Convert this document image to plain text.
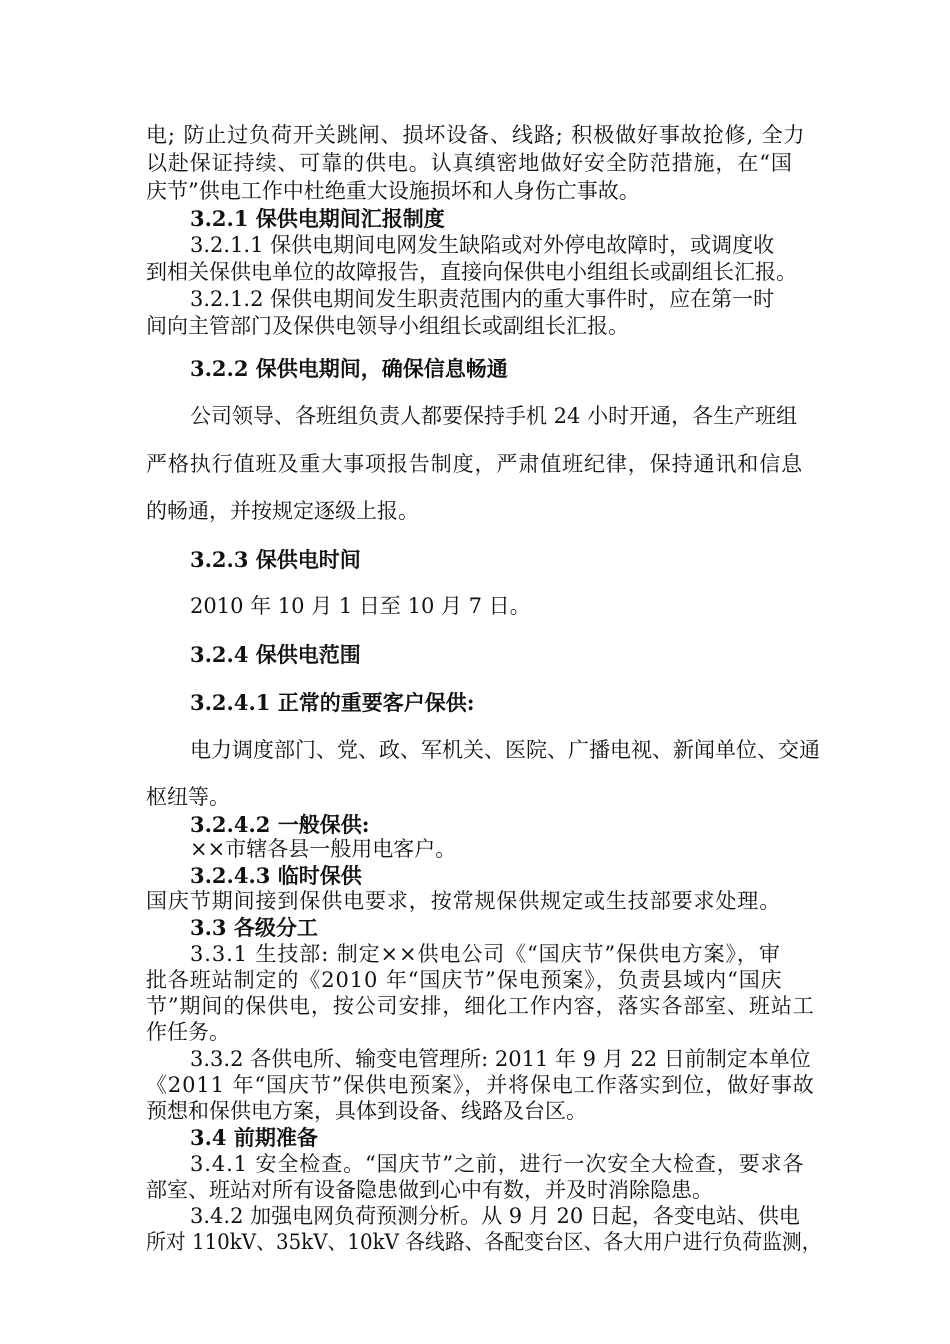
电; 防止过负荷开关跳闸、损坏设备、线路; 积极做好事故抢修, 全力

以赴保证持续、可靠的供电。认真缜密地做好安全防范措施，在“国

庆节”供电工作中杜绝重大设施损坏和人身伤亡事故。

3.2.1 保供电期间汇报制度

3.2.1.1 保供电期间电网发生缺陷或对外停电故障时，或调度收

到相关保供电单位的故障报告，直接向保供电小组组长或副组长汇报。

3.2.1.2 保供电期间发生职责范围内的重大事件时，应在第一时

间向主管部门及保供电领导小组组长或副组长汇报。

3.2.2 保供电期间，确保信息畅通

公司领导、各班组负责人都要保持手机 24 小时开通，各生产班组

严格执行值班及重大事项报告制度，严肃值班纪律，保持通讯和信息

的畅通，并按规定逐级上报。

3.2.3 保供电时间

2010 年 10 月 1 日至 10 月 7 日。

3.2.4 保供电范围

3.2.4.1 正常的重要客户保供:

电力调度部门、党、政、军机关、医院、广播电视、新闻单位、交通

枢纽等。

3.2.4.2 一般保供:

××市辖各县一般用电客户。

3.2.4.3 临时保供

国庆节期间接到保供电要求，按常规保供规定或生技部要求处理。

3.3 各级分工

3.3.1 生技部: 制定××供电公司《“国庆节”保供电方案》，审

批各班站制定的《2010 年“国庆节”保电预案》，负责县域内“国庆

节”期间的保供电，按公司安排，细化工作内容，落实各部室、班站工

作任务。

3.3.2 各供电所、输变电管理所: 2011 年 9 月 22 日前制定本单位

《2011 年“国庆节”保供电预案》，并将保电工作落实到位，做好事故

预想和保供电方案，具体到设备、线路及台区。

3.4 前期准备

3.4.1 安全检查。“国庆节”之前，进行一次安全大检查，要求各

部室、班站对所有设备隐患做到心中有数，并及时消除隐患。

3.4.2 加强电网负荷预测分析。从 9 月 20 日起，各变电站、供电

所对 110kV、35kV、10kV 各线路、各配变台区、各大用户进行负荷监测，
